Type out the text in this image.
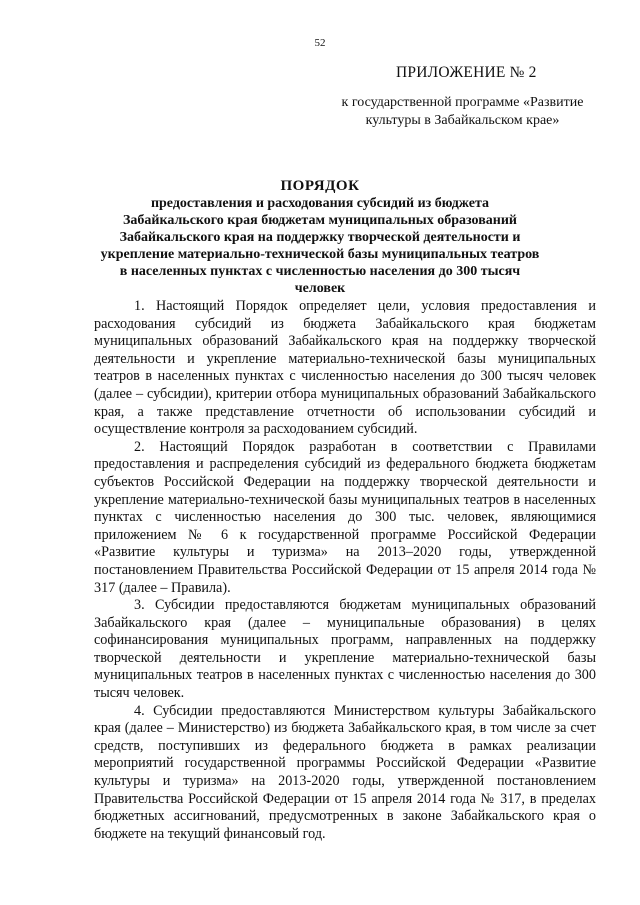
52
ПРИЛОЖЕНИЕ № 2
к государственной программе «Развитие культуры в Забайкальском крае»
ПОРЯДОК
предоставления и расходования субсидий из бюджета Забайкальского края бюджетам муниципальных образований Забайкальского края на поддержку творческой деятельности и укрепление материально-технической базы муниципальных театров в населенных пунктах с численностью населения до 300 тысяч человек

1. Настоящий Порядок определяет цели, условия предоставления и расходования субсидий из бюджета Забайкальского края бюджетам муниципальных образований Забайкальского края на поддержку творческой деятельности и укрепление материально-технической базы муниципальных театров в населенных пунктах с численностью населения до 300 тысяч человек (далее – субсидии), критерии отбора муниципальных образований Забайкальского края, а также представление отчетности об использовании субсидий и осуществление контроля за расходованием субсидий.

2. Настоящий Порядок разработан в соответствии с Правилами предоставления и распределения субсидий из федерального бюджета бюджетам субъектов Российской Федерации на поддержку творческой деятельности и укрепление материально-технической базы муниципальных театров в населенных пунктах с численностью населения до 300 тыс. человек, являющимися приложением № 6 к государственной программе Российской Федерации «Развитие культуры и туризма» на 2013–2020 годы, утвержденной постановлением Правительства Российской Федерации от 15 апреля 2014 года № 317 (далее – Правила).

3. Субсидии предоставляются бюджетам муниципальных образований Забайкальского края (далее – муниципальные образования) в целях софинансирования муниципальных программ, направленных на поддержку творческой деятельности и укрепление материально-технической базы муниципальных театров в населенных пунктах с численностью населения до 300 тысяч человек.

4. Субсидии предоставляются Министерством культуры Забайкальского края (далее – Министерство) из бюджета Забайкальского края, в том числе за счет средств, поступивших из федерального бюджета в рамках реализации мероприятий государственной программы Российской Федерации «Развитие культуры и туризма» на 2013-2020 годы, утвержденной постановлением Правительства Российской Федерации от 15 апреля 2014 года № 317, в пределах бюджетных ассигнований, предусмотренных в законе Забайкальского края о бюджете на текущий финансовый год.
